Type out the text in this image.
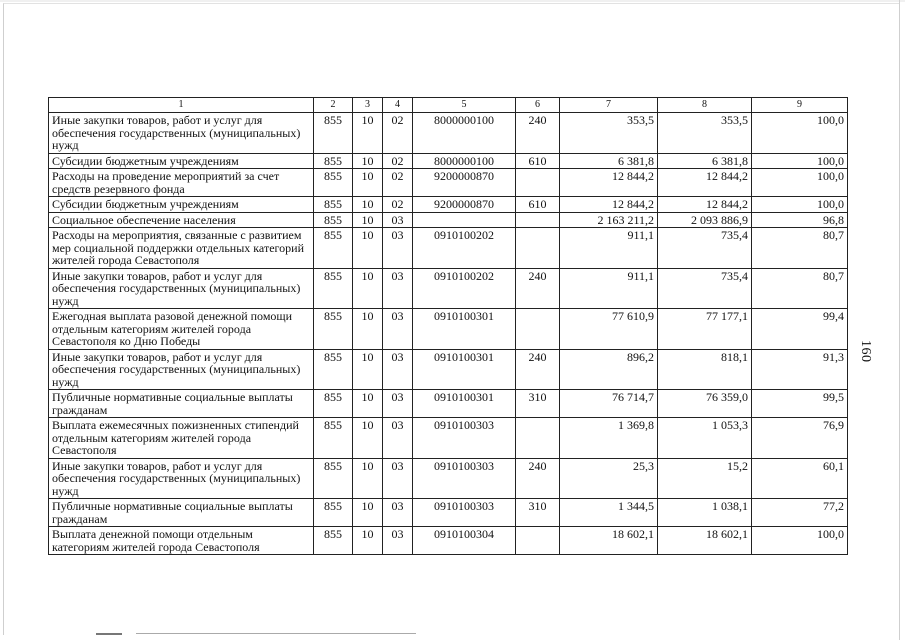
1	2	3	4	5	6	7	8	9
Иные закупки товаров, работ и услуг для обеспечения государственных (муниципальных) нужд	855	10	02	8000000100	240	353,5	353,5	100,0
Субсидии бюджетным учреждениям	855	10	02	8000000100	610	6 381,8	6 381,8	100,0
Расходы на проведение мероприятий за счет средств резервного фонда	855	10	02	9200000870		12 844,2	12 844,2	100,0
Субсидии бюджетным учреждениям	855	10	02	9200000870	610	12 844,2	12 844,2	100,0
Социальное обеспечение населения	855	10	03			2 163 211,2	2 093 886,9	96,8
Расходы на мероприятия, связанные с развитием мер социальной поддержки отдельных категорий жителей города Севастополя	855	10	03	0910100202		911,1	735,4	80,7
Иные закупки товаров, работ и услуг для обеспечения государственных (муниципальных) нужд	855	10	03	0910100202	240	911,1	735,4	80,7
Ежегодная выплата разовой денежной помощи отдельным категориям жителей города Севастополя ко Дню Победы	855	10	03	0910100301		77 610,9	77 177,1	99,4
Иные закупки товаров, работ и услуг для обеспечения государственных (муниципальных) нужд	855	10	03	0910100301	240	896,2	818,1	91,3
Публичные нормативные социальные выплаты гражданам	855	10	03	0910100301	310	76 714,7	76 359,0	99,5
Выплата ежемесячных пожизненных стипендий отдельным категориям жителей города Севастополя	855	10	03	0910100303		1 369,8	1 053,3	76,9
Иные закупки товаров, работ и услуг для обеспечения государственных (муниципальных) нужд	855	10	03	0910100303	240	25,3	15,2	60,1
Публичные нормативные социальные выплаты гражданам	855	10	03	0910100303	310	1 344,5	1 038,1	77,2
Выплата денежной помощи отдельным категориям жителей города Севастополя	855	10	03	0910100304		18 602,1	18 602,1	100,0
160
